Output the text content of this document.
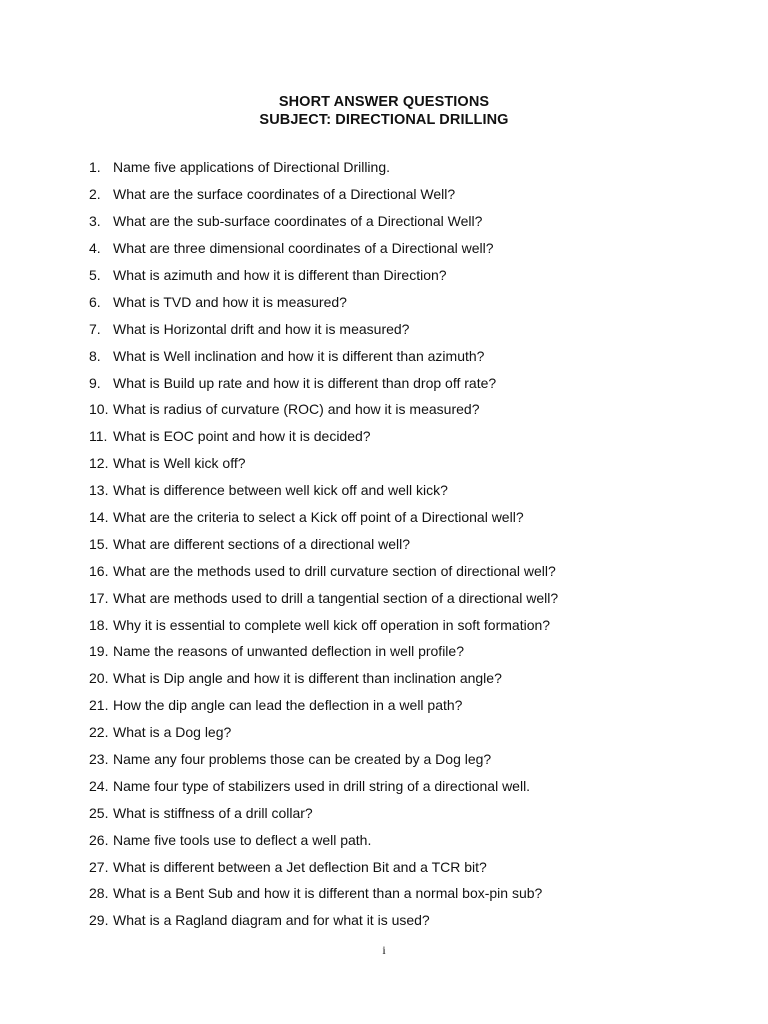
SHORT ANSWER QUESTIONS
SUBJECT: DIRECTIONAL DRILLING
1. Name five applications of Directional Drilling.
2. What are the surface coordinates of a Directional Well?
3. What are the sub-surface coordinates of a Directional Well?
4. What are three dimensional coordinates of a Directional well?
5. What is azimuth and how it is different than Direction?
6. What is TVD and how it is measured?
7. What is Horizontal drift and how it is measured?
8. What is Well inclination and how it is different than azimuth?
9. What is Build up rate and how it is different than drop off rate?
10. What is radius of curvature (ROC) and how it is measured?
11. What is EOC point and how it is decided?
12. What is Well kick off?
13. What is difference between well kick off and well kick?
14. What are the criteria to select a Kick off point of a Directional well?
15. What are different sections of a directional well?
16. What are the methods used to drill curvature section of directional well?
17. What are methods used to drill a tangential section of a directional well?
18. Why it is essential to complete well kick off operation in soft formation?
19. Name the reasons of unwanted deflection in well profile?
20. What is Dip angle and how it is different than inclination angle?
21. How the dip angle can lead the deflection in a well path?
22. What is a Dog leg?
23. Name any four problems those can be created by a Dog leg?
24. Name four type of stabilizers used in drill string of a directional well.
25. What is stiffness of a drill collar?
26. Name five tools use to deflect a well path.
27. What is different between a Jet deflection Bit and a TCR bit?
28. What is a Bent Sub and how it is different than a normal box-pin sub?
29. What is a Ragland diagram and for what it is used?
i
